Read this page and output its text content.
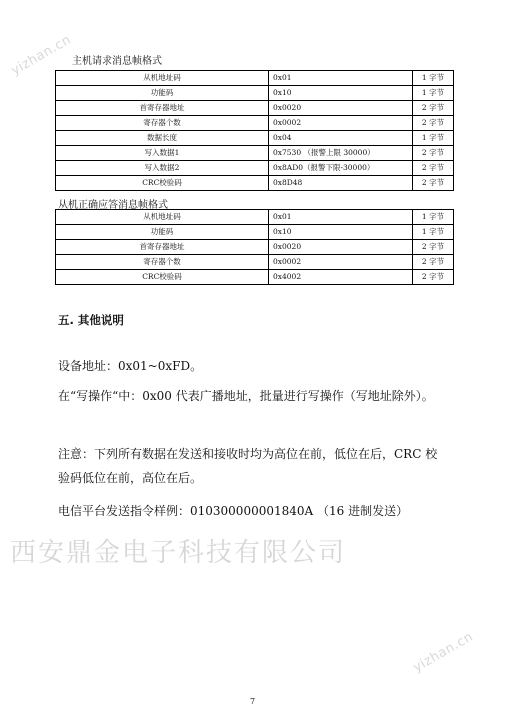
yizhan.cn
yizhan.cn
主机请求消息帧格式
从机地址码	0x01	1 字节
功能码	0x10	1 字节
首寄存器地址	0x0020	2 字节
寄存器个数	0x0002	2 字节
数据长度	0x04	1 字节
写入数据1	0x7530 （报警上限 30000）	2 字节
写入数据2	0x8AD0（报警下限-30000）	2 字节
CRC校验码	0x8D48	2 字节
从机正确应答消息帧格式
从机地址码	0x01	1 字节
功能码	0x10	1 字节
首寄存器地址	0x0020	2 字节
寄存器个数	0x0002	2 字节
CRC校验码	0x4002	2 字节
五. 其他说明
设备地址：0x01~0xFD。
在“写操作“中：0x00 代表广播地址，批量进行写操作（写地址除外）。
注意：下列所有数据在发送和接收时均为高位在前，低位在后，CRC 校验码低位在前，高位在后。
电信平台发送指令样例：010300000001840A （16 进制发送）
西安鼎金电子科技有限公司
7
